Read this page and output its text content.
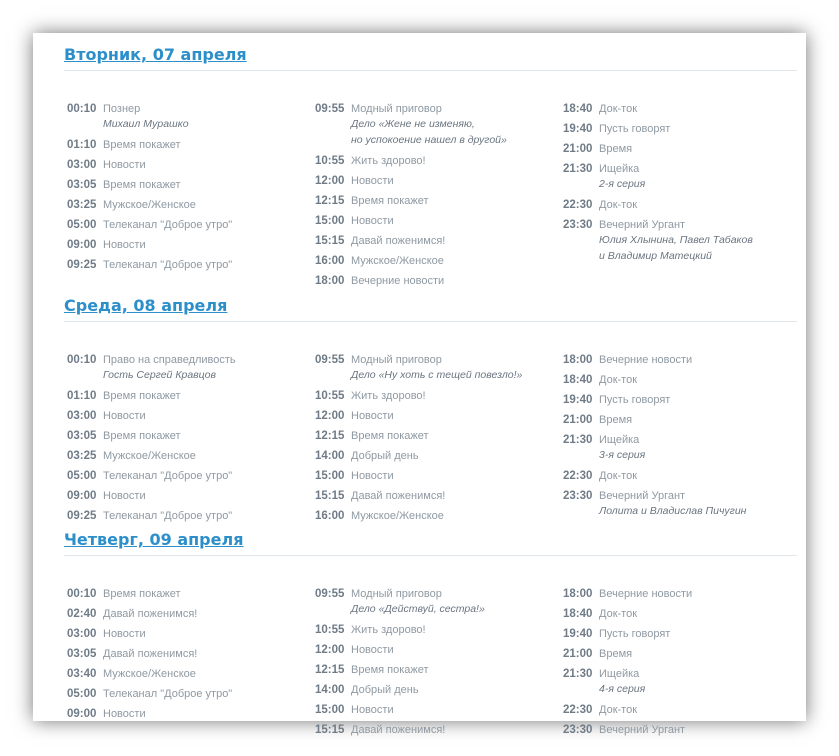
Вторник, 07 апреля
00:10 Познер
Михаил Мурашко
01:10 Время покажет
03:00 Новости
03:05 Время покажет
03:25 Мужское/Женское
05:00 Телеканал "Доброе утро"
09:00 Новости
09:25 Телеканал "Доброе утро"
09:55 Модный приговор
Дело «Жене не изменяю,
но успокоение нашел в другой»
10:55 Жить здорово!
12:00 Новости
12:15 Время покажет
15:00 Новости
15:15 Давай поженимся!
16:00 Мужское/Женское
18:00 Вечерние новости
18:40 Док-ток
19:40 Пусть говорят
21:00 Время
21:30 Ищейка
2-я серия
22:30 Док-ток
23:30 Вечерний Ургант
Юлия Хлынина, Павел Табаков
и Владимир Матецкий
Среда, 08 апреля
00:10 Право на справедливость
Гость Сергей Кравцов
01:10 Время покажет
03:00 Новости
03:05 Время покажет
03:25 Мужское/Женское
05:00 Телеканал "Доброе утро"
09:00 Новости
09:25 Телеканал "Доброе утро"
09:55 Модный приговор
Дело «Ну хоть с тещей повезло!»
10:55 Жить здорово!
12:00 Новости
12:15 Время покажет
14:00 Добрый день
15:00 Новости
15:15 Давай поженимся!
16:00 Мужское/Женское
18:00 Вечерние новости
18:40 Док-ток
19:40 Пусть говорят
21:00 Время
21:30 Ищейка
3-я серия
22:30 Док-ток
23:30 Вечерний Ургант
Лолита и Владислав Пичугин
Четверг, 09 апреля
00:10 Время покажет
02:40 Давай поженимся!
03:00 Новости
03:05 Давай поженимся!
03:40 Мужское/Женское
05:00 Телеканал "Доброе утро"
09:00 Новости
09:55 Модный приговор
Дело «Действуй, сестра!»
10:55 Жить здорово!
12:00 Новости
12:15 Время покажет
14:00 Добрый день
15:00 Новости
15:15 Давай поженимся!
18:00 Вечерние новости
18:40 Док-ток
19:40 Пусть говорят
21:00 Время
21:30 Ищейка
4-я серия
22:30 Док-ток
23:30 Вечерний Ургант
